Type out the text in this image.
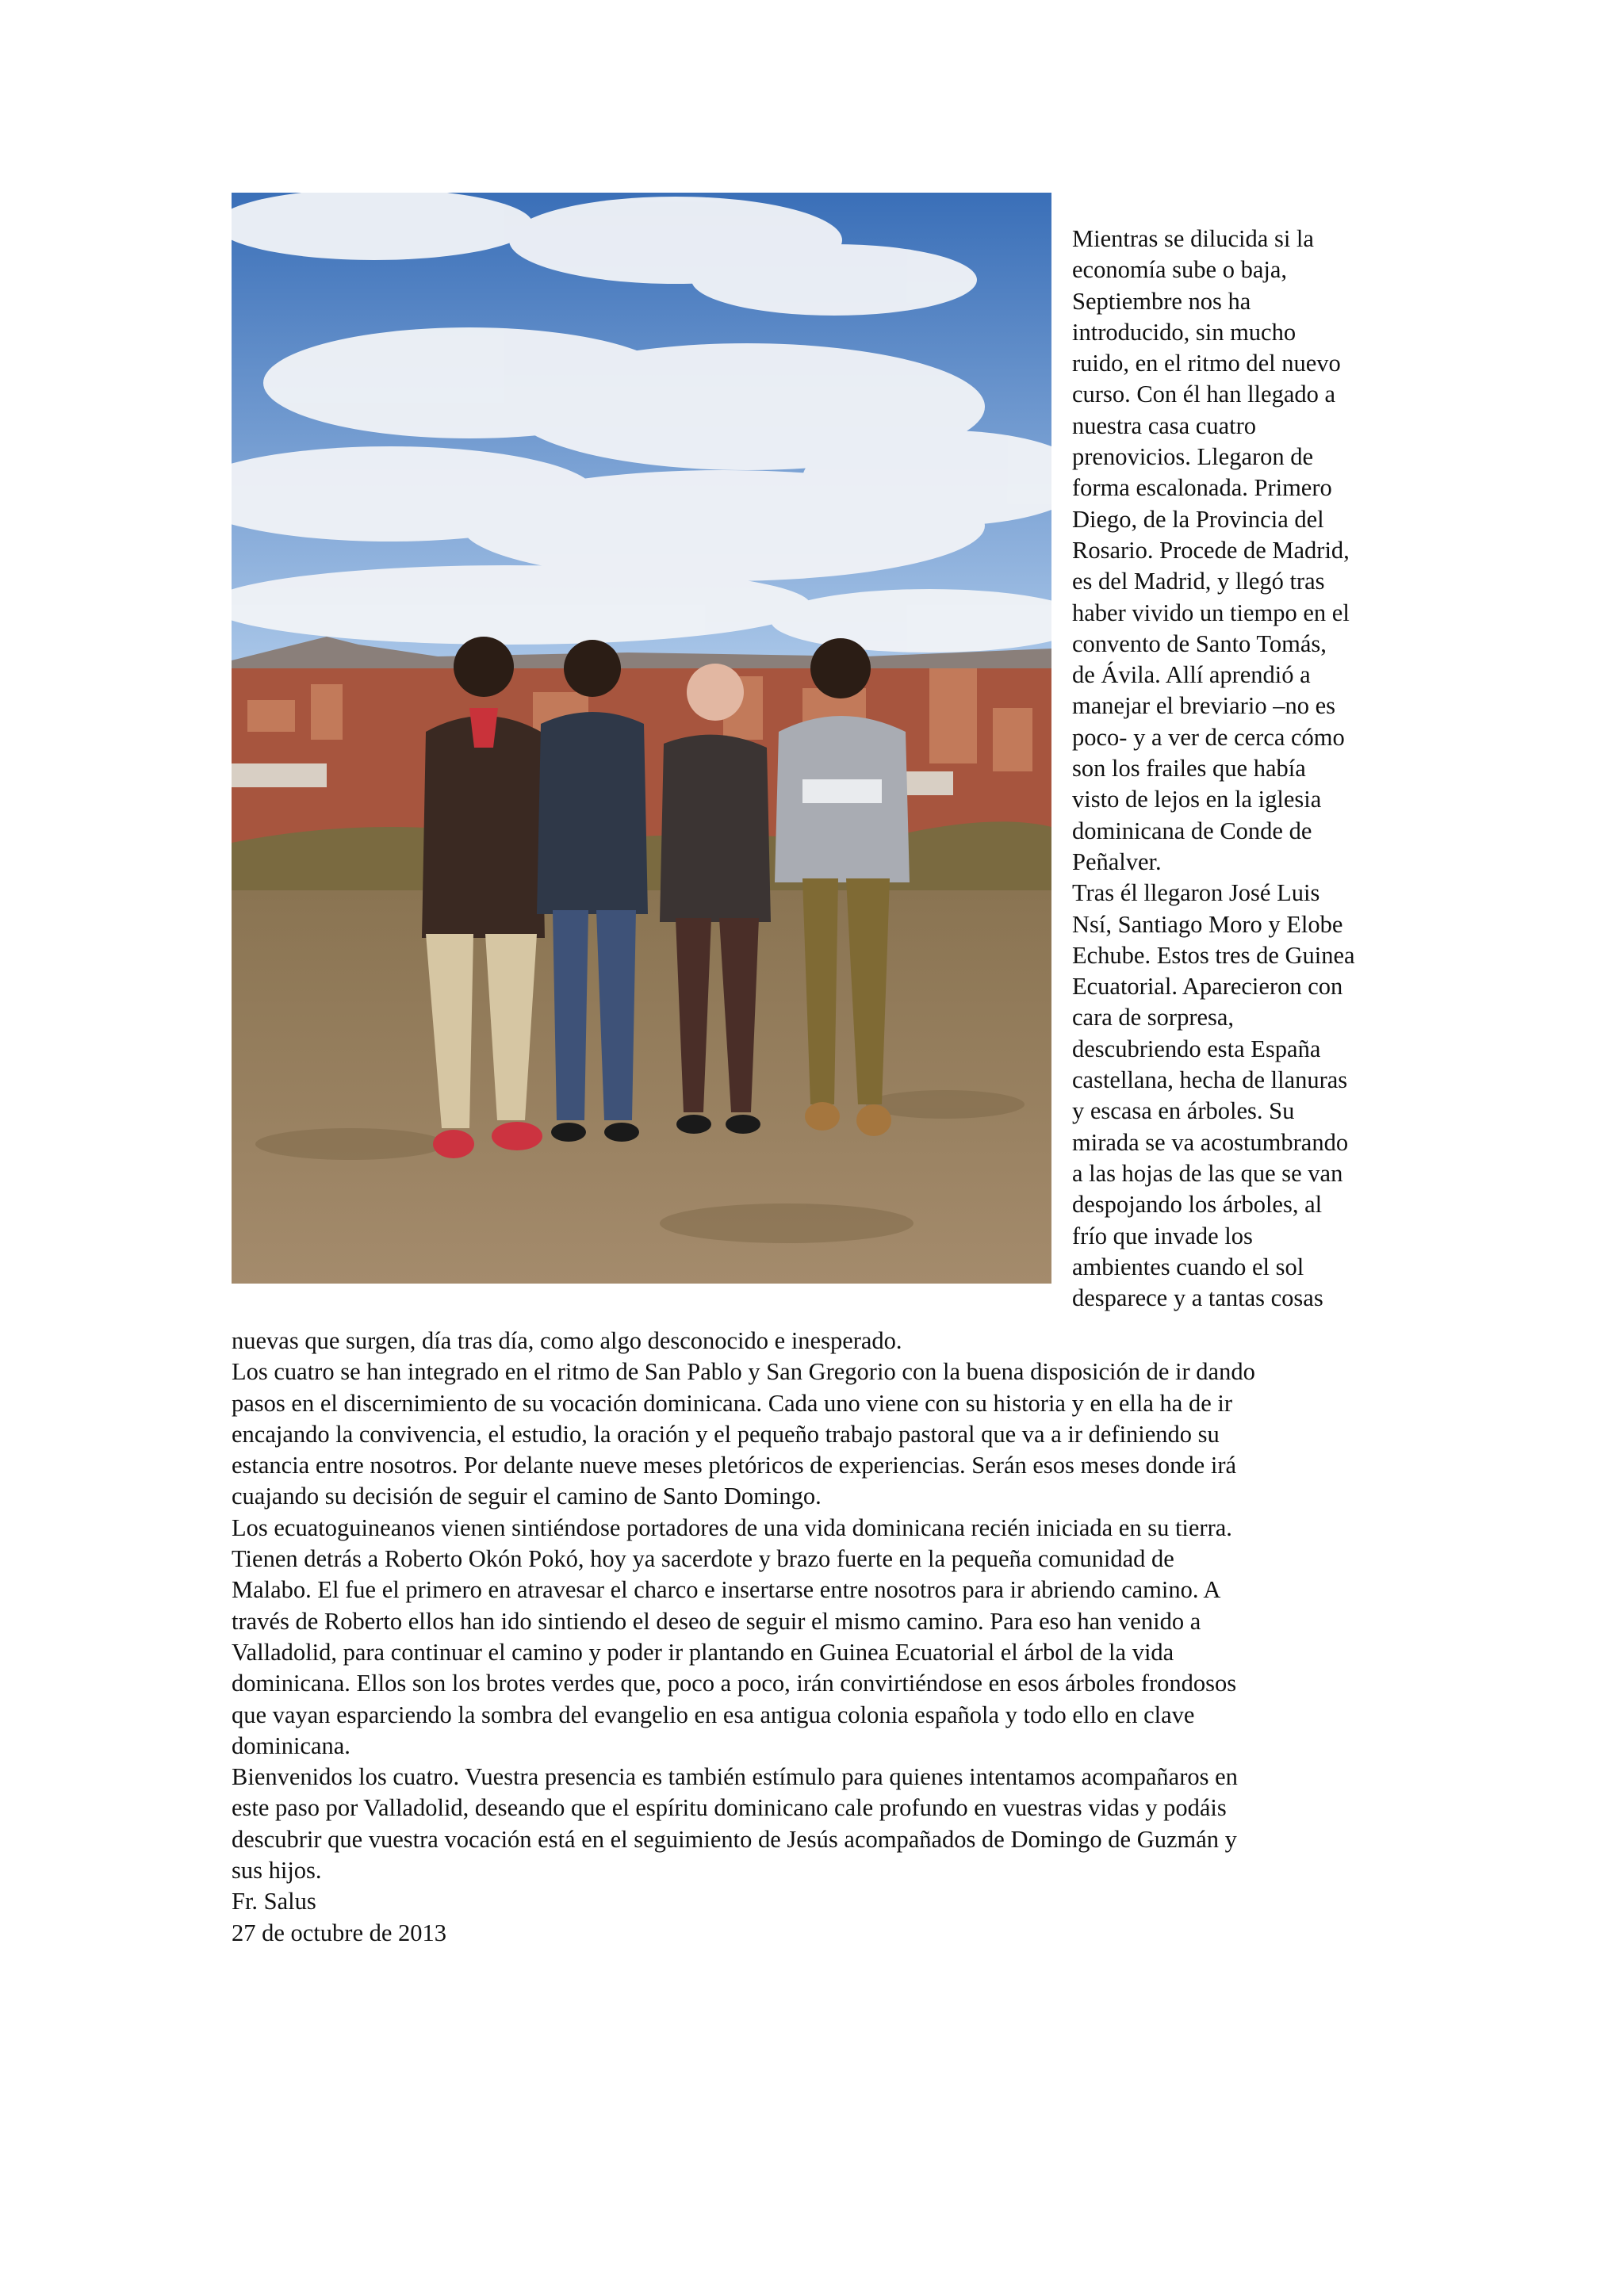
Mientras se dilucida si la
economía sube o baja,
Septiembre nos ha
introducido, sin mucho
ruido, en el ritmo del nuevo
curso. Con él han llegado a
nuestra casa cuatro
prenovicios. Llegaron de
forma escalonada. Primero
Diego, de la Provincia del
Rosario. Procede de Madrid,
es del Madrid, y llegó tras
haber vivido un tiempo en el
convento de Santo Tomás,
de Ávila. Allí aprendió a
manejar el breviario –no es
poco- y a ver de cerca cómo
son los frailes que había
visto de lejos en la iglesia
dominicana de Conde de
Peñalver.
Tras él llegaron José Luis
Nsí, Santiago Moro y Elobe
Echube. Estos tres de Guinea
Ecuatorial. Aparecieron con
cara de sorpresa,
descubriendo esta España
castellana, hecha de llanuras
y escasa en árboles. Su
mirada se va acostumbrando
a las hojas de las que se van
despojando los árboles, al
frío que invade los
ambientes cuando el sol
desparece y a tantas cosas
nuevas que surgen, día tras día, como algo desconocido e inesperado.
Los cuatro se han integrado en el ritmo de San Pablo y San Gregorio con la buena disposición de ir dando
pasos en el discernimiento de su vocación dominicana. Cada uno viene con su historia y en ella ha de ir
encajando la convivencia, el estudio, la oración y el pequeño trabajo pastoral que va a ir definiendo su
estancia entre nosotros. Por delante nueve meses pletóricos de experiencias. Serán esos meses donde irá
cuajando su decisión de seguir el camino de Santo Domingo.
Los ecuatoguineanos vienen sintiéndose portadores de una vida dominicana recién iniciada en su tierra.
Tienen detrás a Roberto Okón Pokó, hoy ya sacerdote y brazo fuerte en la pequeña comunidad de
Malabo. El fue el primero en atravesar el charco e insertarse entre nosotros para ir abriendo camino. A
través de Roberto ellos han ido sintiendo el deseo de seguir el mismo camino. Para eso han venido a
Valladolid, para continuar el camino y poder ir plantando en Guinea Ecuatorial el árbol de la vida
dominicana. Ellos son los brotes verdes que, poco a poco, irán convirtiéndose en esos árboles frondosos
que vayan esparciendo la sombra del evangelio en esa antigua colonia española y todo ello en clave
dominicana.
Bienvenidos los cuatro. Vuestra presencia es también estímulo para quienes intentamos acompañaros en
este paso por Valladolid, deseando que el espíritu dominicano cale profundo en vuestras vidas y podáis
descubrir que vuestra vocación está en el seguimiento de Jesús acompañados de Domingo de Guzmán y
sus hijos.
Fr. Salus
27 de octubre de 2013
